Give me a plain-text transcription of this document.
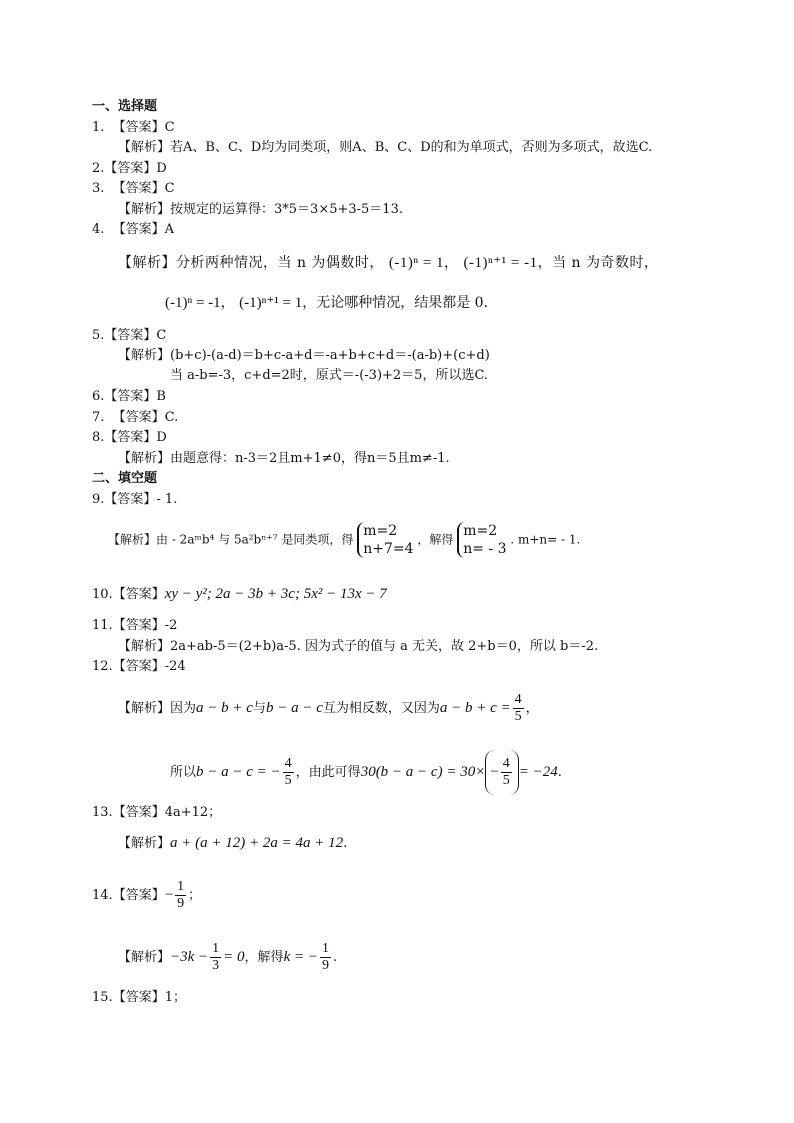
一、选择题
1. 【答案】C
【解析】若A、B、C、D均为同类项，则A、B、C、D的和为单项式，否则为多项式，故选C.
2.【答案】D
3. 【答案】C
【解析】按规定的运算得：3*5＝3×5+3-5＝13.
4. 【答案】A
【解析】分析两种情况，当 n 为偶数时， (-1)ⁿ = 1， (-1)ⁿ⁺¹ = -1，当 n 为奇数时，
(-1)ⁿ = -1， (-1)ⁿ⁺¹ = 1，无论哪种情况，结果都是 0.
5.【答案】C
【解析】(b+c)-(a-d)＝b+c-a+d＝-a+b+c+d＝-(a-b)+(c+d)
当 a-b=-3，c+d=2时，原式＝-(-3)+2＝5，所以选C.
6.【答案】B
7. 【答案】C.
8.【答案】D
【解析】由题意得：n-3＝2且m+1≠0，得n＝5且m≠-1.
二、填空题
9.【答案】- 1.
【解析】由 - 2aᵐb⁴ 与 5a²bⁿ⁺⁷ 是同类项，得
m=2
n+7=4
，解得
m=2
n= - 3
. m+n= - 1.
10.【答案】xy − y²; 2a − 3b + 3c; 5x² − 13x − 7
11.【答案】-2
【解析】2a+ab-5＝(2+b)a-5. 因为式子的值与 a 无关，故 2+b＝0，所以 b＝-2.
12.【答案】-24
【解析】因为a − b + c与b − a − c互为相反数，又因为$a - b + c = \frac{4}{5}$ ，
所以b − a − c = − $\frac{4}{5}$ ，由此可得$30(b - a - c) = 30\times - \frac{4}{5} = -24$.
13.【答案】4a+12；
【解析】a + (a + 12) + 2a = 4a + 12.
14.【答案】− $\frac{1}{9}$ ；
【解析】$-3k - \frac{1}{3} = 0$，解得k = − $\frac{1}{9}$ .
15.【答案】1；
